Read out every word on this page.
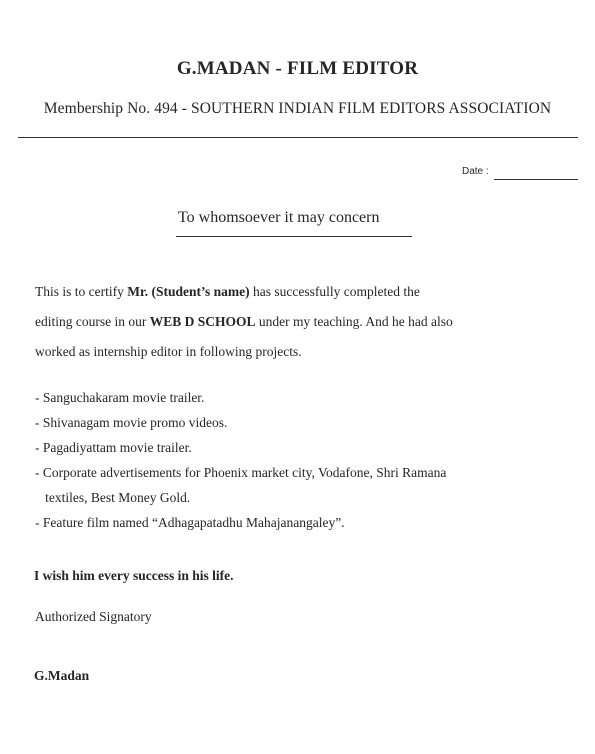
G.MADAN - FILM EDITOR
Membership No. 494 - SOUTHERN INDIAN FILM EDITORS ASSOCIATION
Date :
To whomsoever it may concern
This is to certify Mr. (Student’s name) has successfully completed the
editing course in our WEB D SCHOOL under my teaching. And he had also
worked as internship editor in following projects.
- Sanguchakaram movie trailer.
- Shivanagam movie promo videos.
- Pagadiyattam movie trailer.
- Corporate advertisements for Phoenix market city, Vodafone, Shri Ramana
textiles, Best Money Gold.
- Feature film named “Adhagapatadhu Mahajanangaley”.
I wish him every success in his life.
Authorized Signatory
G.Madan
